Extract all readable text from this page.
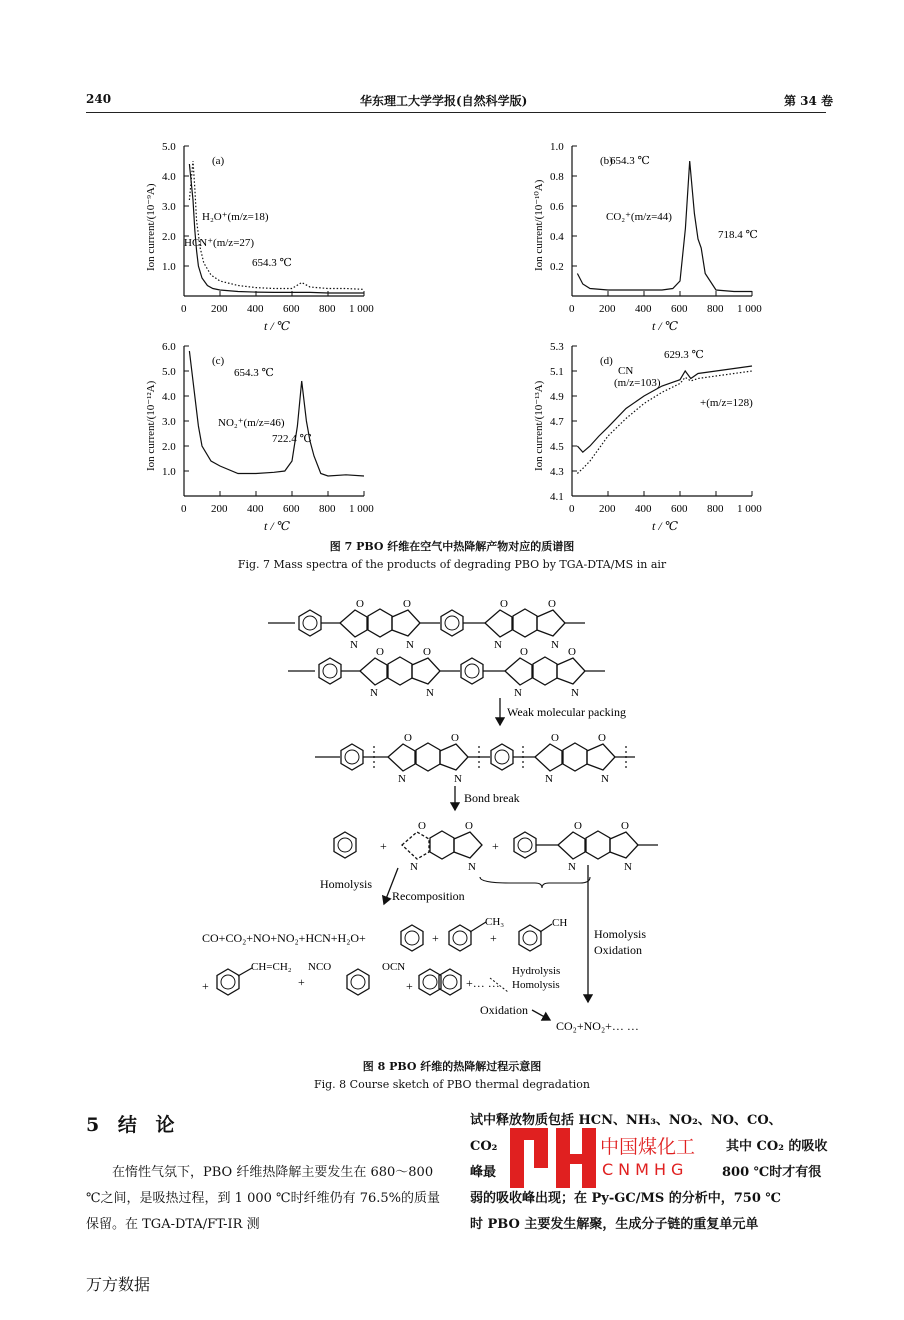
240	华东理工大学学报(自然科学版)	第 34 卷
5.0
4.0
3.0
2.0
1.0
0 200 400 600 800 1 000
t / ℃
Ion current/(10⁻⁹A)
(a)
1.0
0.8
0.6
0.4
0.2
0 200 400 600 800 1 000
t / ℃
Ion current/(10⁻¹⁰A)
(b)
6.0
5.0
4.0
3.0
2.0
1.0
0 200 400 600 800 1 000
t / ℃
Ion current/(10⁻¹²A)
(c)
5.3
5.1
4.9
4.7
4.5
4.3
4.1
0 200 400 600 800 1 000
t / ℃
Ion current/(10⁻¹³A)
(d)
H₂O⁺(m/z=18)
HCN⁺(m/z=27)
654.3 ℃
654.3 ℃
CO₂⁺(m/z=44)
718.4 ℃
654.3 ℃
NO₂⁺(m/z=46)
722.4 ℃
629.3 ℃
CN
(m/z=103)
+(m/z=128)
图 7 PBO 纤维在空气中热降解产物对应的质谱图
Fig. 7 Mass spectra of the products of degrading PBO by TGA-DTA/MS in air
O
N
O
N
O
N
O
N
O
N
O
N
O
N
O
N
Weak molecular packing
O
N
O
N
O
N
O
N
Bond break
+
O
N
O
N
+
O
N
O
N
Homolysis
Oxidation
Homolysis
Recomposition
CO+CO₂+NO+NO₂+HCN+H₂O+	+
CH₃
+
CH
+
CH=CH₂
+
NCO	OCN
+	+… …
Hydrolysis
Homolysis
Oxidation
CO₂+NO₂+… …
图 8 PBO 纤维的热降解过程示意图
Fig. 8 Course sketch of PBO thermal degradation
5 结 论
在惰性气氛下，PBO 纤维热降解主要发生在 680～800 ℃之间，是吸热过程，到 1 000 ℃时纤维仍有 76.5%的质量保留。在 TGA-DTA/FT-IR 测
试中释放物质包括 HCN、NH₃、NO₂、NO、CO、
CO₂	其中 CO₂ 的吸收
峰最	800 ℃时才有很
弱的吸收峰出现；在 Py-GC/MS 的分析中，750 ℃
时 PBO 主要发生解聚，生成分子链的重复单元单
中国煤化工
CNMHG
万方数据
